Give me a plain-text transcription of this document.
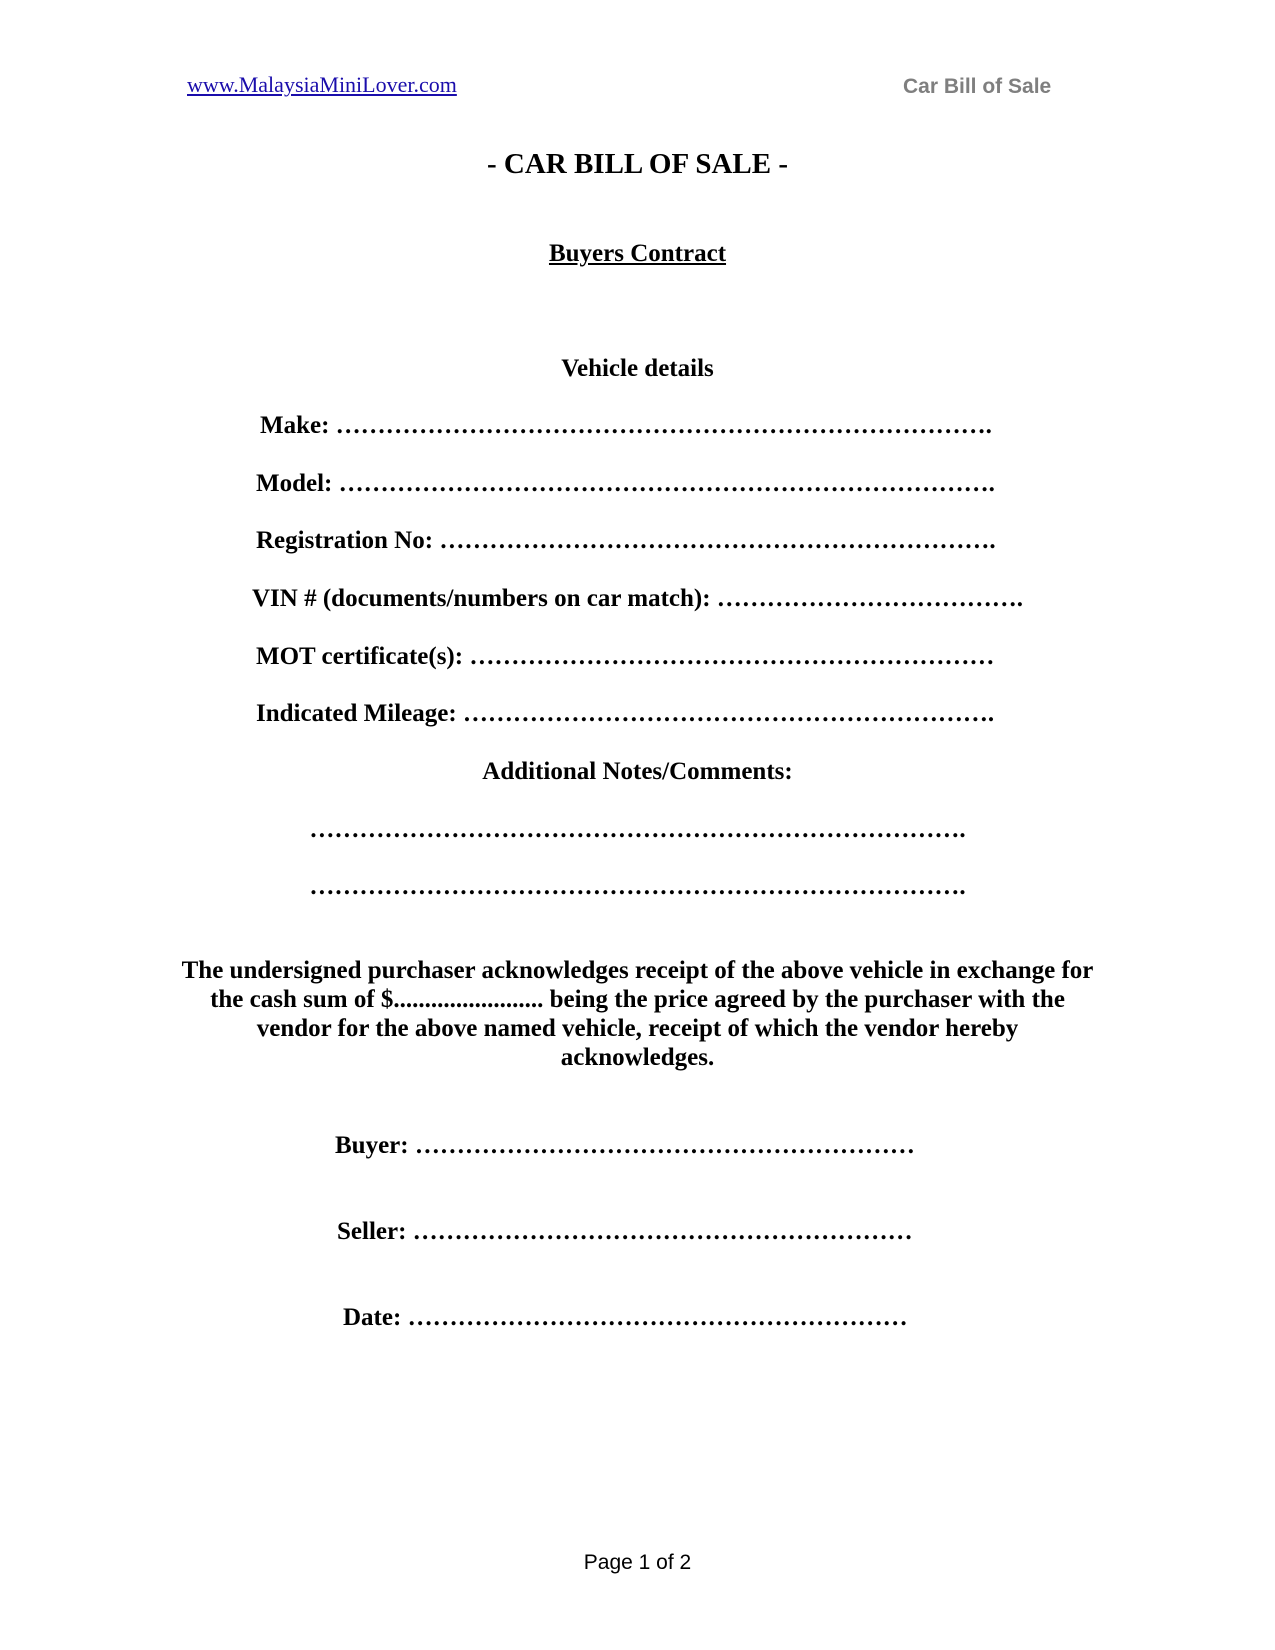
www.MalaysiaMiniLover.com	Car Bill of Sale
- CAR BILL OF SALE -
Buyers Contract
Vehicle details
Make: …………………………………………………………………….
Model: …………………………………………………………………….
Registration No: ………………………………………………………….
VIN # (documents/numbers on car match): ……………………………….
MOT certificate(s): ………………………………………………………
Indicated Mileage: ……………………………………………………….
Additional Notes/Comments:
…………………………………………………………………….
…………………………………………………………………….
The undersigned purchaser acknowledges receipt of the above vehicle in exchange for the cash sum of $........................ being the price agreed by the purchaser with the vendor for the above named vehicle, receipt of which the vendor hereby acknowledges.
Buyer: ……………………………………………………
Seller: ……………………………………………………
Date: ……………………………………………………
Page 1 of 2
